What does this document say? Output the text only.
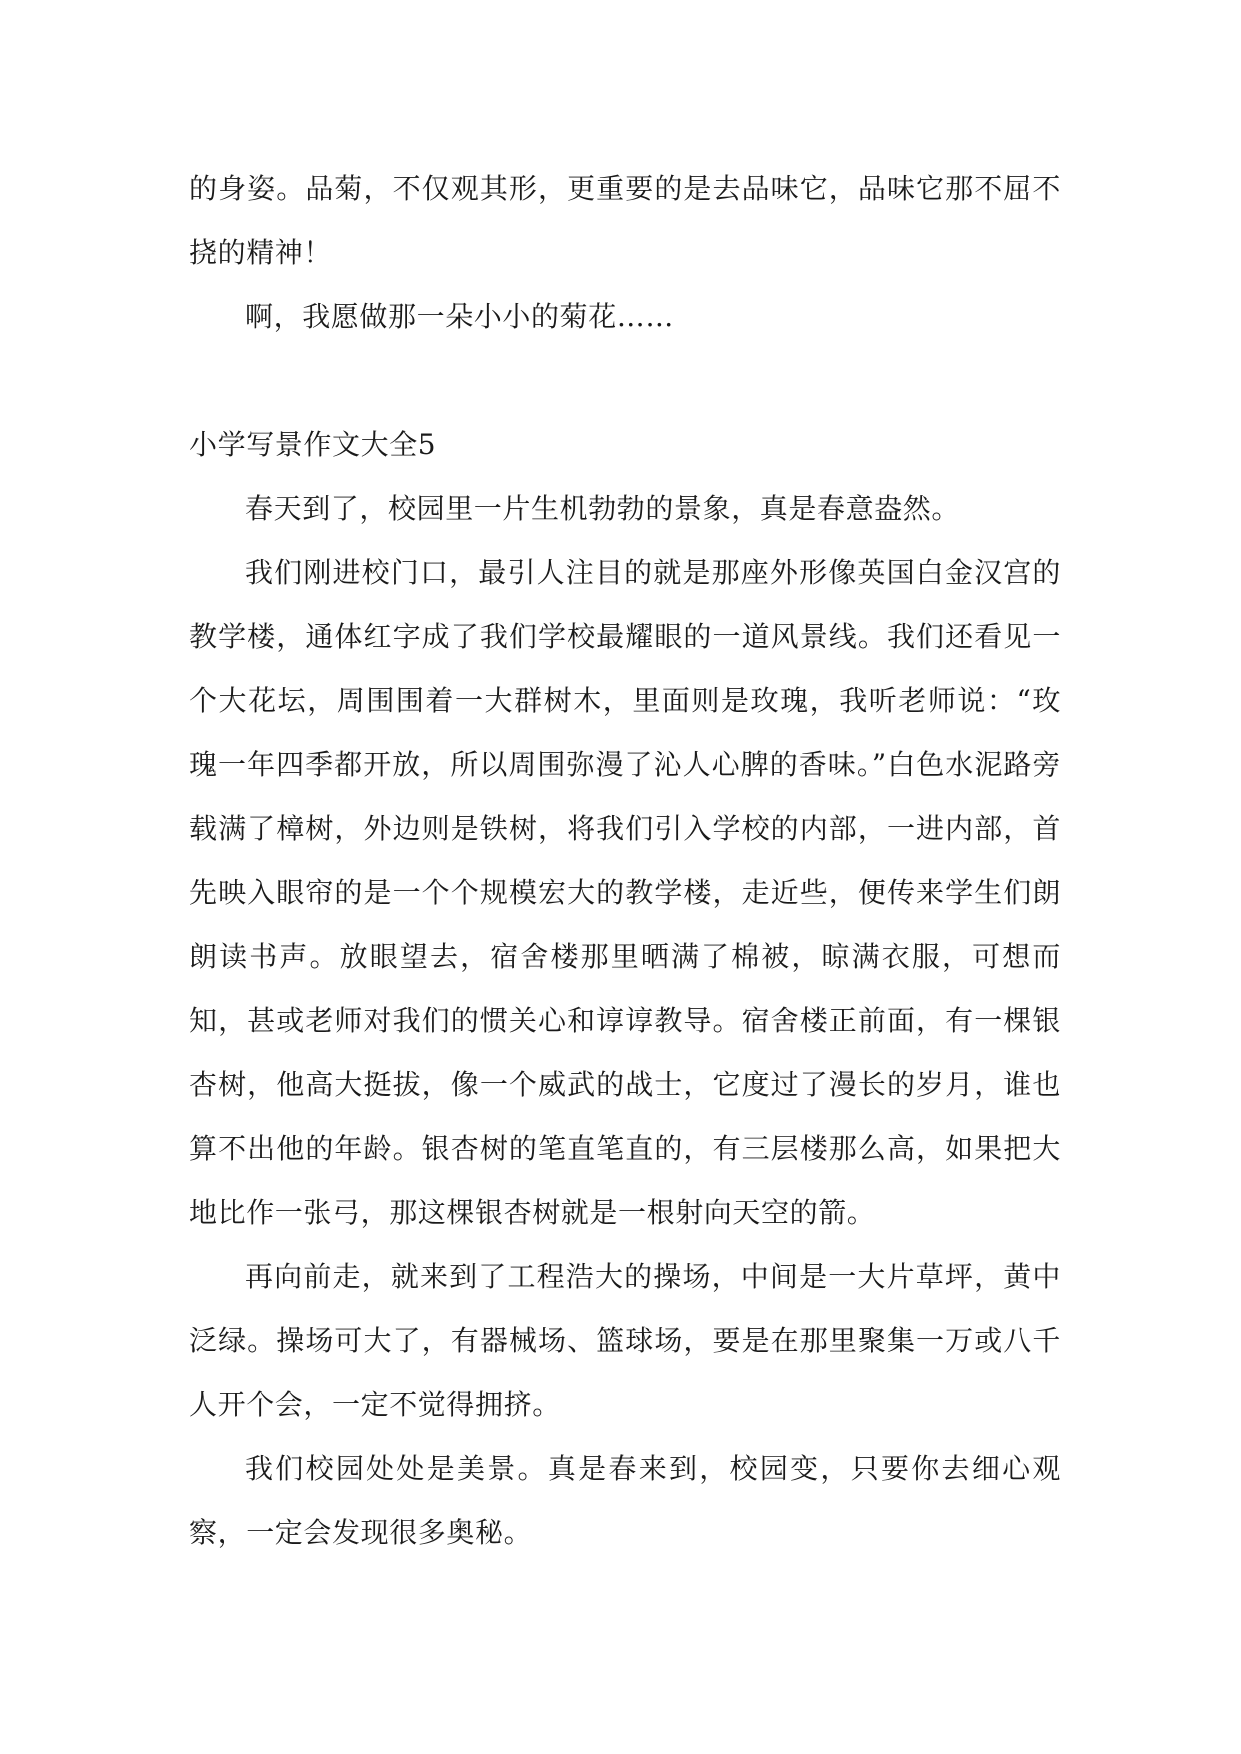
的身姿。品菊，不仅观其形，更重要的是去品味它，品味它那不屈不挠的精神！

啊，我愿做那一朵小小的菊花……

小学写景作文大全5

春天到了，校园里一片生机勃勃的景象，真是春意盎然。

我们刚进校门口，最引人注目的就是那座外形像英国白金汉宫的教学楼，通体红字成了我们学校最耀眼的一道风景线。我们还看见一个大花坛，周围围着一大群树木，里面则是玫瑰，我听老师说：“玫瑰一年四季都开放，所以周围弥漫了沁人心脾的香味。”白色水泥路旁载满了樟树，外边则是铁树，将我们引入学校的内部，一进内部，首先映入眼帘的是一个个规模宏大的教学楼，走近些，便传来学生们朗朗读书声。放眼望去，宿舍楼那里晒满了棉被，晾满衣服，可想而知，甚或老师对我们的惯关心和谆谆教导。宿舍楼正前面，有一棵银杏树，他高大挺拔，像一个威武的战士，它度过了漫长的岁月，谁也算不出他的年龄。银杏树的笔直笔直的，有三层楼那么高，如果把大地比作一张弓，那这棵银杏树就是一根射向天空的箭。

再向前走，就来到了工程浩大的操场，中间是一大片草坪，黄中泛绿。操场可大了，有器械场、篮球场，要是在那里聚集一万或八千人开个会，一定不觉得拥挤。

我们校园处处是美景。真是春来到，校园变，只要你去细心观察，一定会发现很多奥秘。
